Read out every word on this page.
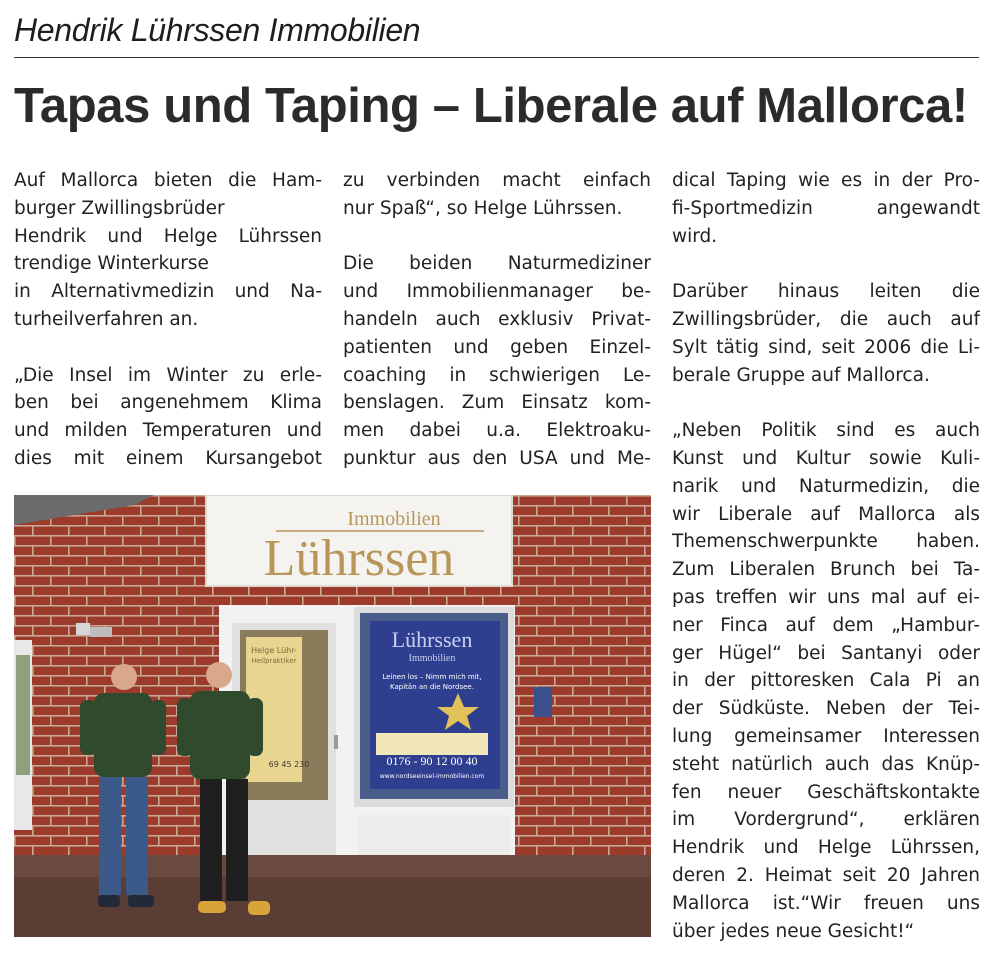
Hendrik Lührssen Immobilien
Tapas und Taping – Liberale auf Mallorca!
Auf Mallorca bieten die Ham-
burger Zwillingsbrüder
Hendrik und Helge Lührssen
trendige Winterkurse
in Alternativmedizin und Na-
turheilverfahren an.
„Die Insel im Winter zu erle-
ben bei angenehmem Klima
und milden Temperaturen und
dies mit einem Kursangebot
zu verbinden macht einfach
nur Spaß“, so Helge Lührssen.
Die beiden Naturmediziner
und Immobilienmanager be-
handeln auch exklusiv Privat-
patienten und geben Einzel-
coaching in schwierigen Le-
benslagen. Zum Einsatz kom-
men dabei u.a. Elektroaku-
punktur aus den USA und Me-
dical Taping wie es in der Pro-
fi-Sportmedizin angewandt
wird.
Darüber hinaus leiten die
Zwillingsbrüder, die auch auf
Sylt tätig sind, seit 2006 die Li-
berale Gruppe auf Mallorca.
„Neben Politik sind es auch
Kunst und Kultur sowie Kuli-
narik und Naturmedizin, die
wir Liberale auf Mallorca als
Themenschwerpunkte haben.
Zum Liberalen Brunch bei Ta-
pas treffen wir uns mal auf ei-
ner Finca auf dem „Hambur-
ger Hügel“ bei Santanyi oder
in der pittoresken Cala Pi an
der Südküste. Neben der Tei-
lung gemeinsamer Interessen
steht natürlich auch das Knüp-
fen neuer Geschäftskontakte
im Vordergrund“, erklären
Hendrik und Helge Lührssen,
deren 2. Heimat seit 20 Jahren
Mallorca ist.“Wir freuen uns
über jedes neue Gesicht!“
Immobilien
Lührssen
Helge Lühr-
Heilpraktiker
69 45 230
Lührssen
Immobilien
Leinen los – Nimm mich mit,
Kapitän an die Nordsee.
0176 - 90 12 00 40
www.nordseeinsel-immobilien.com
